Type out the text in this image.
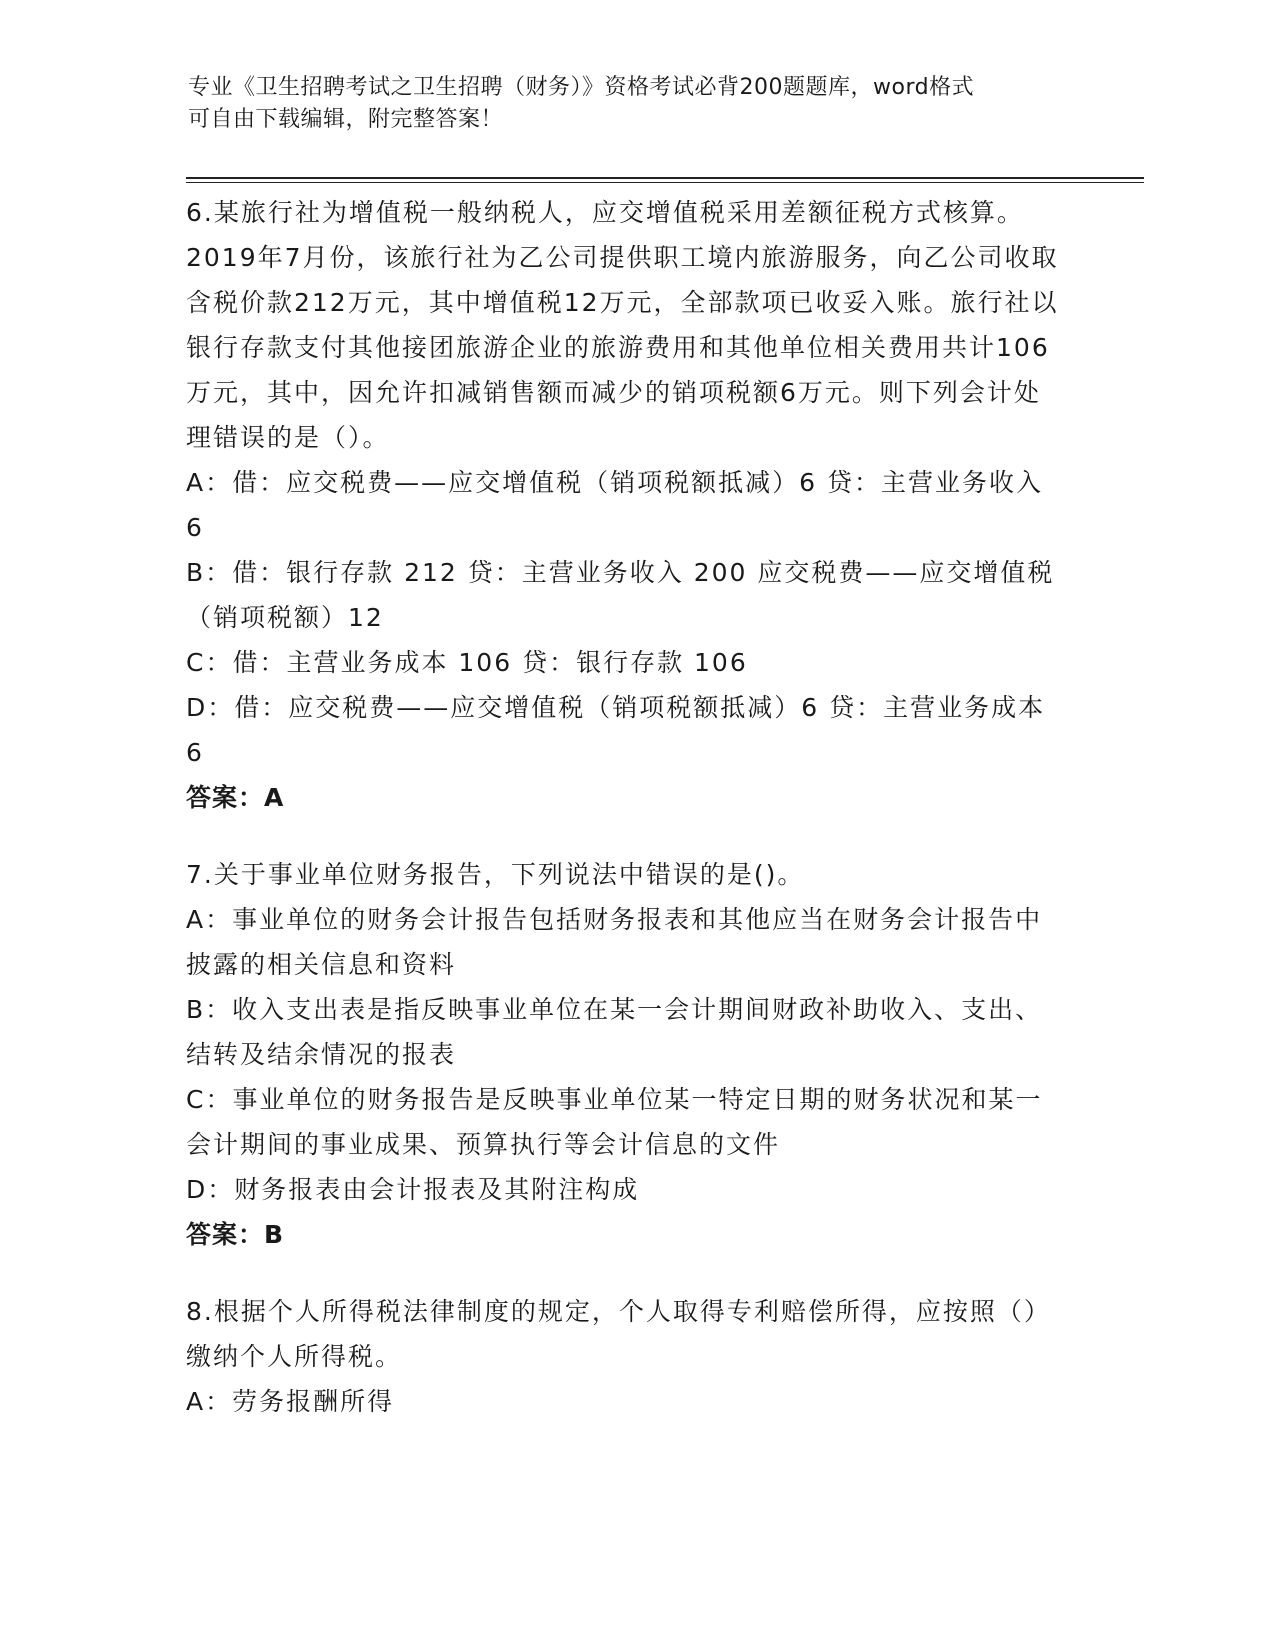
专业《卫生招聘考试之卫生招聘（财务）》资格考试必背200题题库，word格式
可自由下载编辑，附完整答案！

6.某旅行社为增值税一般纳税人，应交增值税采用差额征税方式核算。2019年7月份，该旅行社为乙公司提供职工境内旅游服务，向乙公司收取含税价款212万元，其中增值税12万元，全部款项已收妥入账。旅行社以银行存款支付其他接团旅游企业的旅游费用和其他单位相关费用共计106万元，其中，因允许扣减销售额而减少的销项税额6万元。则下列会计处理错误的是（）。

A：借：应交税费——应交增值税（销项税额抵减）6 贷：主营业务收入 6

B：借：银行存款 212 贷：主营业务收入 200 应交税费——应交增值税（销项税额）12

C：借：主营业务成本 106 贷：银行存款 106

D：借：应交税费——应交增值税（销项税额抵减）6 贷：主营业务成本 6

答案：A

7.关于事业单位财务报告，下列说法中错误的是()。

A：事业单位的财务会计报告包括财务报表和其他应当在财务会计报告中披露的相关信息和资料

B：收入支出表是指反映事业单位在某一会计期间财政补助收入、支出、结转及结余情况的报表

C：事业单位的财务报告是反映事业单位某一特定日期的财务状况和某一会计期间的事业成果、预算执行等会计信息的文件

D：财务报表由会计报表及其附注构成

答案：B

8.根据个人所得税法律制度的规定，个人取得专利赔偿所得，应按照（）缴纳个人所得税。

A：劳务报酬所得
